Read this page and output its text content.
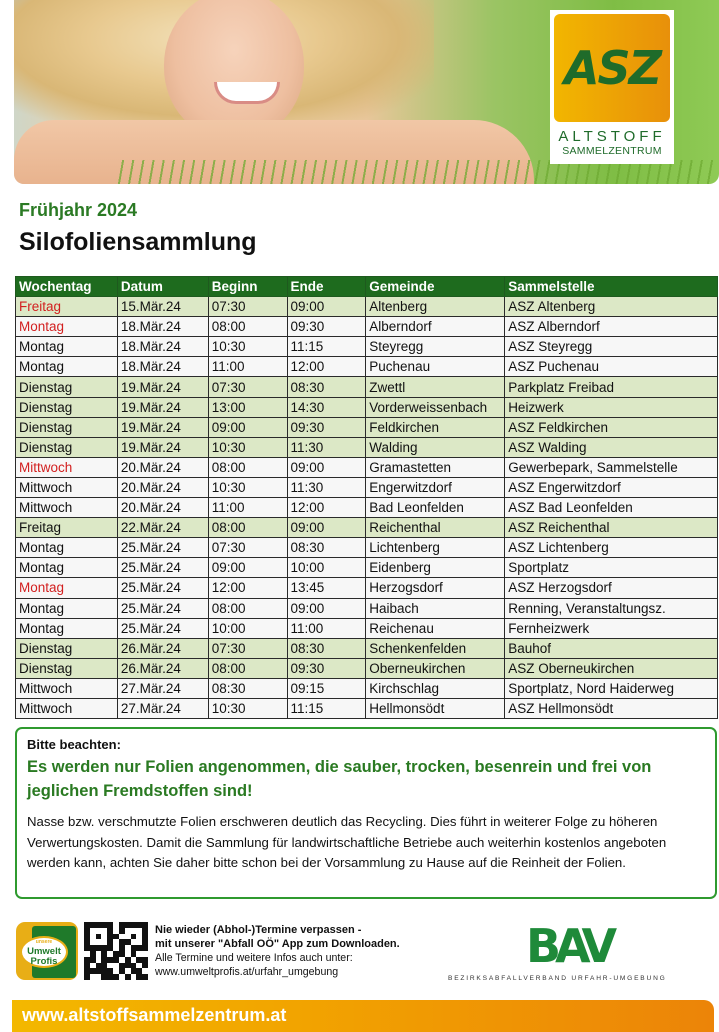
ASZ
ALTSTOFF
SAMMELZENTRUM
Frühjahr 2024
Silofoliensammlung
Wochentag	Datum	Beginn	Ende	Gemeinde	Sammelstelle
Freitag	15.Mär.24	07:30	09:00	Altenberg	ASZ Altenberg
Montag	18.Mär.24	08:00	09:30	Alberndorf	ASZ Alberndorf
Montag	18.Mär.24	10:30	11:15	Steyregg	ASZ Steyregg
Montag	18.Mär.24	11:00	12:00	Puchenau	ASZ Puchenau
Dienstag	19.Mär.24	07:30	08:30	Zwettl	Parkplatz Freibad
Dienstag	19.Mär.24	13:00	14:30	Vorderweissenbach	Heizwerk
Dienstag	19.Mär.24	09:00	09:30	Feldkirchen	ASZ Feldkirchen
Dienstag	19.Mär.24	10:30	11:30	Walding	ASZ Walding
Mittwoch	20.Mär.24	08:00	09:00	Gramastetten	Gewerbepark, Sammelstelle
Mittwoch	20.Mär.24	10:30	11:30	Engerwitzdorf	ASZ Engerwitzdorf
Mittwoch	20.Mär.24	11:00	12:00	Bad Leonfelden	ASZ Bad Leonfelden
Freitag	22.Mär.24	08:00	09:00	Reichenthal	ASZ Reichenthal
Montag	25.Mär.24	07:30	08:30	Lichtenberg	ASZ Lichtenberg
Montag	25.Mär.24	09:00	10:00	Eidenberg	Sportplatz
Montag	25.Mär.24	12:00	13:45	Herzogsdorf	ASZ Herzogsdorf
Montag	25.Mär.24	08:00	09:00	Haibach	Renning, Veranstaltungsz.
Montag	25.Mär.24	10:00	11:00	Reichenau	Fernheizwerk
Dienstag	26.Mär.24	07:30	08:30	Schenkenfelden	Bauhof
Dienstag	26.Mär.24	08:00	09:30	Oberneukirchen	ASZ Oberneukirchen
Mittwoch	27.Mär.24	08:30	09:15	Kirchschlag	Sportplatz, Nord Haiderweg
Mittwoch	27.Mär.24	10:30	11:15	Hellmonsödt	ASZ Hellmonsödt
Bitte beachten:
Es werden nur Folien angenommen, die sauber, trocken, besenrein und frei von jeglichen Fremdstoffen sind!
Nasse bzw. verschmutzte Folien erschweren deutlich das Recycling. Dies führt in weiterer Folge zu höheren Verwertungskosten. Damit die Sammlung für landwirtschaftliche Betriebe auch weiterhin kostenlos angeboten werden kann, achten Sie daher bitte schon bei der Vorsammlung zu Hause auf die Reinheit der Folien.
unsere
Umwelt
Profis
Nie wieder (Abhol-)Termine verpassen -
mit unserer "Abfall OÖ" App zum Downloaden.
Alle Termine und weitere Infos auch unter:
www.umweltprofis.at/urfahr_umgebung	BAV
BEZIRKSABFALLVERBAND URFAHR-UMGEBUNG
www.altstoffsammelzentrum.at
